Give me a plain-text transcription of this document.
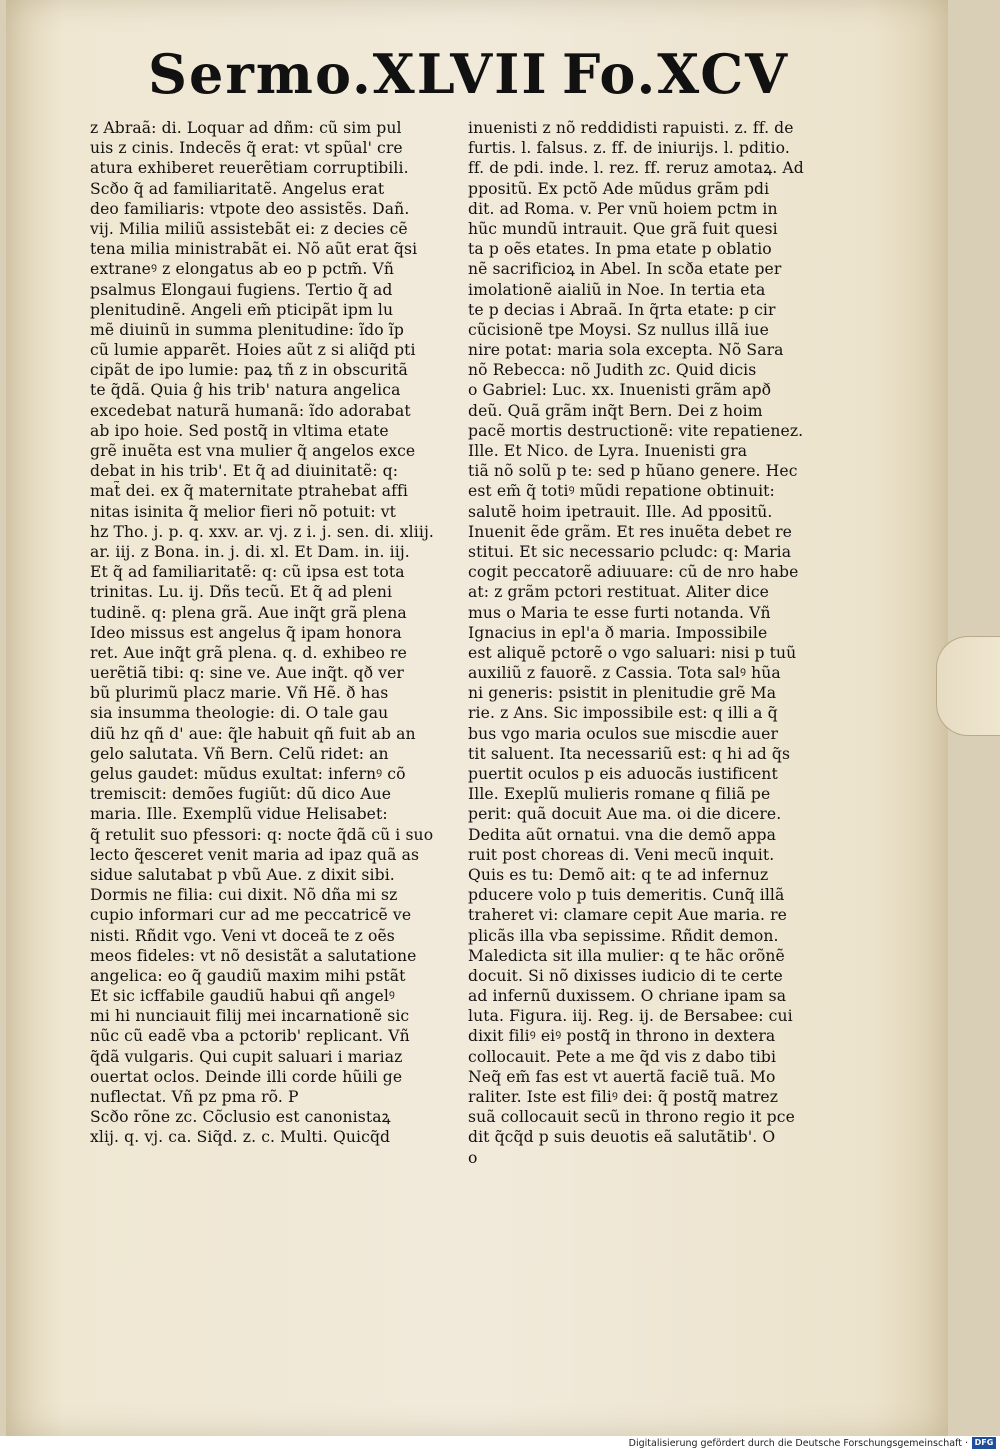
Sermo.XLVII Fo.XCV
z Abraã: di. Loquar ad dñm: cũ sim pul
uis z cinis. Indecẽs q̃ erat: vt spũal' cre
atura exhiberet reuerẽtiam corruptibili.
Scðo q̃ ad familiaritatẽ. Angelus erat
deo familiaris: vtpote deo assistẽs. Dañ.
vij. Milia miliũ assistebãt ei: z decies cẽ
tena milia ministrabãt ei. Nõ aũt erat q̃si
extraneꝰ z elongatus ab eo p pctm̃. Vñ
psalmus Elongaui fugiens. Tertio q̃ ad
plenitudinẽ. Angeli em̃ pticipãt ipm lu
mẽ diuinũ in summa plenitudine: ĩdo ĩp
cũ lumie apparẽt. Hoies aũt z si aliq̃d pti
cipãt de ipo lumie: paꝝ tñ z in obscuritã
te q̃dã. Quia ĝ his trib' natura angelica
excedebat naturã humanã: ĩdo adorabat
ab ipo hoie. Sed postq̃ in vltima etate
grẽ inuẽta est vna mulier q̃ angelos exce
debat in his trib'. Et q̃ ad diuinitatẽ: q:
mat̃ dei. ex q̃ maternitate ptrahebat affi
nitas isinita q̃ melior fieri nõ potuit: vt
hz Tho. j. p. q. xxv. ar. vj. z i. j. sen. di. xliij.
ar. iij. z Bona. in. j. di. xl. Et Dam. in. iij.
Et q̃ ad familiaritatẽ: q: cũ ipsa est tota
trinitas. Lu. ij. Dñs tecũ. Et q̃ ad pleni
tudinẽ. q: plena grã. Aue inq̃t grã plena
Ideo missus est angelus q̃ ipam honora
ret. Aue inq̃t grã plena. q. d. exhibeo re
uerẽtiã tibi: q: sine ve. Aue inq̃t. qð ver
bũ plurimũ placz marie. Vñ Hẽ. ð has
sia insumma theologie: di. O tale gau
diũ hz qñ d' aue: q̃le habuit qñ fuit ab an
gelo salutata. Vñ Bern. Celũ ridet: an
gelus gaudet: mũdus exultat: infernꝰ cõ
tremiscit: demões fugiũt: dũ dico Aue
maria. Ille. Exemplũ vidue Helisabet:
q̃ retulit suo pfessori: q: nocte q̃dã cũ i suo
lecto q̃esceret venit maria ad ipaz quã as
sidue salutabat p vbũ Aue. z dixit sibi.
Dormis ne filia: cui dixit. Nõ dña mi sz
cupio informari cur ad me peccatricẽ ve
nisti. Rñdit vgo. Veni vt doceã te z oẽs
meos fideles: vt nõ desistãt a salutatione
angelica: eo q̃ gaudiũ maxim mihi pstãt
Et sic icffabile gaudiũ habui qñ angelꝰ
mi hi nunciauit filij mei incarnationẽ sic
nũc cũ eadẽ vba a pctorib' replicant. Vñ
q̃dã vulgaris. Qui cupit saluari i mariaz
ouertat oclos. Deinde illi corde hũili ge
nuflectat. Vñ pz pma rõ. P
Scðo rõne zc. Cõclusio est canonistaꝝ
xlij. q. vj. ca. Siq̃d. z. c. Multi. Quicq̃d
inuenisti z nõ reddidisti rapuisti. z. ff. de
furtis. l. falsus. z. ff. de iniurijs. l. pditio.
ff. de pdi. inde. l. rez. ff. reruz amotaꝝ. Ad
ppositũ. Ex pctõ Ade mũdus grãm pdi
dit. ad Roma. v. Per vnũ hoiem pctm in
hũc mundũ intrauit. Que grã fuit quesi
ta p oẽs etates. In pma etate p oblatio
nẽ sacrificioꝝ in Abel. In scða etate per
imolationẽ aialiũ in Noe. In tertia eta
te p decias i Abraã. In q̃rta etate: p cir
cũcisionẽ tpe Moysi. Sz nullus illã iue
nire potat: maria sola excepta. Nõ Sara
nõ Rebecca: nõ Judith zc. Quid dicis
o Gabriel: Luc. xx. Inuenisti grãm apð
deũ. Quã grãm inq̃t Bern. Dei z hoim
pacẽ mortis destructionẽ: vite repatienez.
Ille. Et Nico. de Lyra. Inuenisti gra
tiã nõ solũ p te: sed p hũano genere. Hec
est em̃ q̃ totiꝰ mũdi repatione obtinuit:
salutẽ hoim ipetrauit. Ille. Ad ppositũ.
Inuenit ẽde grãm. Et res inuẽta debet re
stitui. Et sic necessario pcludc: q: Maria
cogit peccatorẽ adiuuare: cũ de nro habe
at: z grãm pctori restituat. Aliter dice
mus o Maria te esse furti notanda. Vñ
Ignacius in epl'a ð maria. Impossibile
est aliquẽ pctorẽ o vgo saluari: nisi p tuũ
auxiliũ z fauorẽ. z Cassia. Tota salꝰ hũa
ni generis: psistit in plenitudie grẽ Ma
rie. z Ans. Sic impossibile est: q illi a q̃
bus vgo maria oculos sue miscdie auer
tit saluent. Ita necessariũ est: q hi ad q̃s
puertit oculos p eis aduocãs iustificent
Ille. Exeplũ mulieris romane q filiã pe
perit: quã docuit Aue ma. oi die dicere.
Dedita aũt ornatui. vna die demõ appa
ruit post choreas di. Veni mecũ inquit.
Quis es tu: Demõ ait: q te ad infernuz
pducere volo p tuis demeritis. Cunq̃ illã
traheret vi: clamare cepit Aue maria. re
plicãs illa vba sepissime. Rñdit demon.
Maledicta sit illa mulier: q te hãc orõnẽ
docuit. Si nõ dixisses iudicio di te certe
ad infernũ duxissem. O chriane ipam sa
luta. Figura. iij. Reg. ij. de Bersabee: cui
dixit filiꝰ eiꝰ postq̃ in throno in dextera
collocauit. Pete a me q̃d vis z dabo tibi
Neq̃ em̃ fas est vt auertã faciẽ tuã. Mo
raliter. Iste est filiꝰ dei: q̃ postq̃ matrez
suã collocauit secũ in throno regio it pce
dit q̃cq̃d p suis deuotis eã salutãtib'. O
o
Digitalisierung gefördert durch die Deutsche Forschungsgemeinschaft · DFG
